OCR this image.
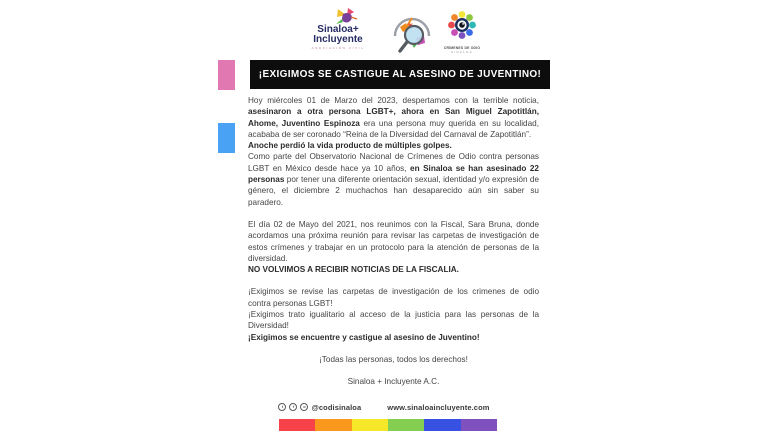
Sinaloa+
Incluyente
ASOCIACIÓN CIVIL	CRÍMENES DE ODIO
SINALOA
¡EXIGIMOS SE CASTIGUE AL ASESINO DE JUVENTINO!

Hoy miércoles 01 de Marzo del 2023, despertamos con la terrible noticia, asesinaron a otra persona LGBT+, ahora en San Miguel Zapotitlán, Ahome, Juventino Espinoza era una persona muy querida en su localidad, acababa de ser coronado “Reina de la Diversidad del Carnaval de Zapotitlán”.

Anoche perdió la vida producto de múltiples golpes.

Como parte del Observatorio Nacional de Crímenes de Odio contra personas LGBT en México desde hace ya 10 años, en Sinaloa se han asesinado 22 personas por tener una diferente orientación sexual, identidad y/o expresión de género, el diciembre 2 muchachos han desaparecido aún sin saber su paradero.

El día 02 de Mayo del 2021, nos reunimos con la Fiscal, Sara Bruna, donde acordamos una próxima reunión para revisar las carpetas de investigación de estos crímenes y trabajar en un protocolo para la atención de personas de la diversidad.

NO VOLVIMOS A RECIBIR NOTICIAS DE LA FISCALIA.

¡Exigimos se revise las carpetas de investigación de los crimenes de odio contra personas LGBT!

¡Exigimos trato igualitario al acceso de la justicia para las personas de la Diversidad!

¡Exigimos se encuentre y castigue al asesino de Juventino!

¡Todas las personas, todos los derechos!

Sinaloa + Incluyente A.C.

t	f	o @codisinaloa	www.sinaloaincluyente.com
